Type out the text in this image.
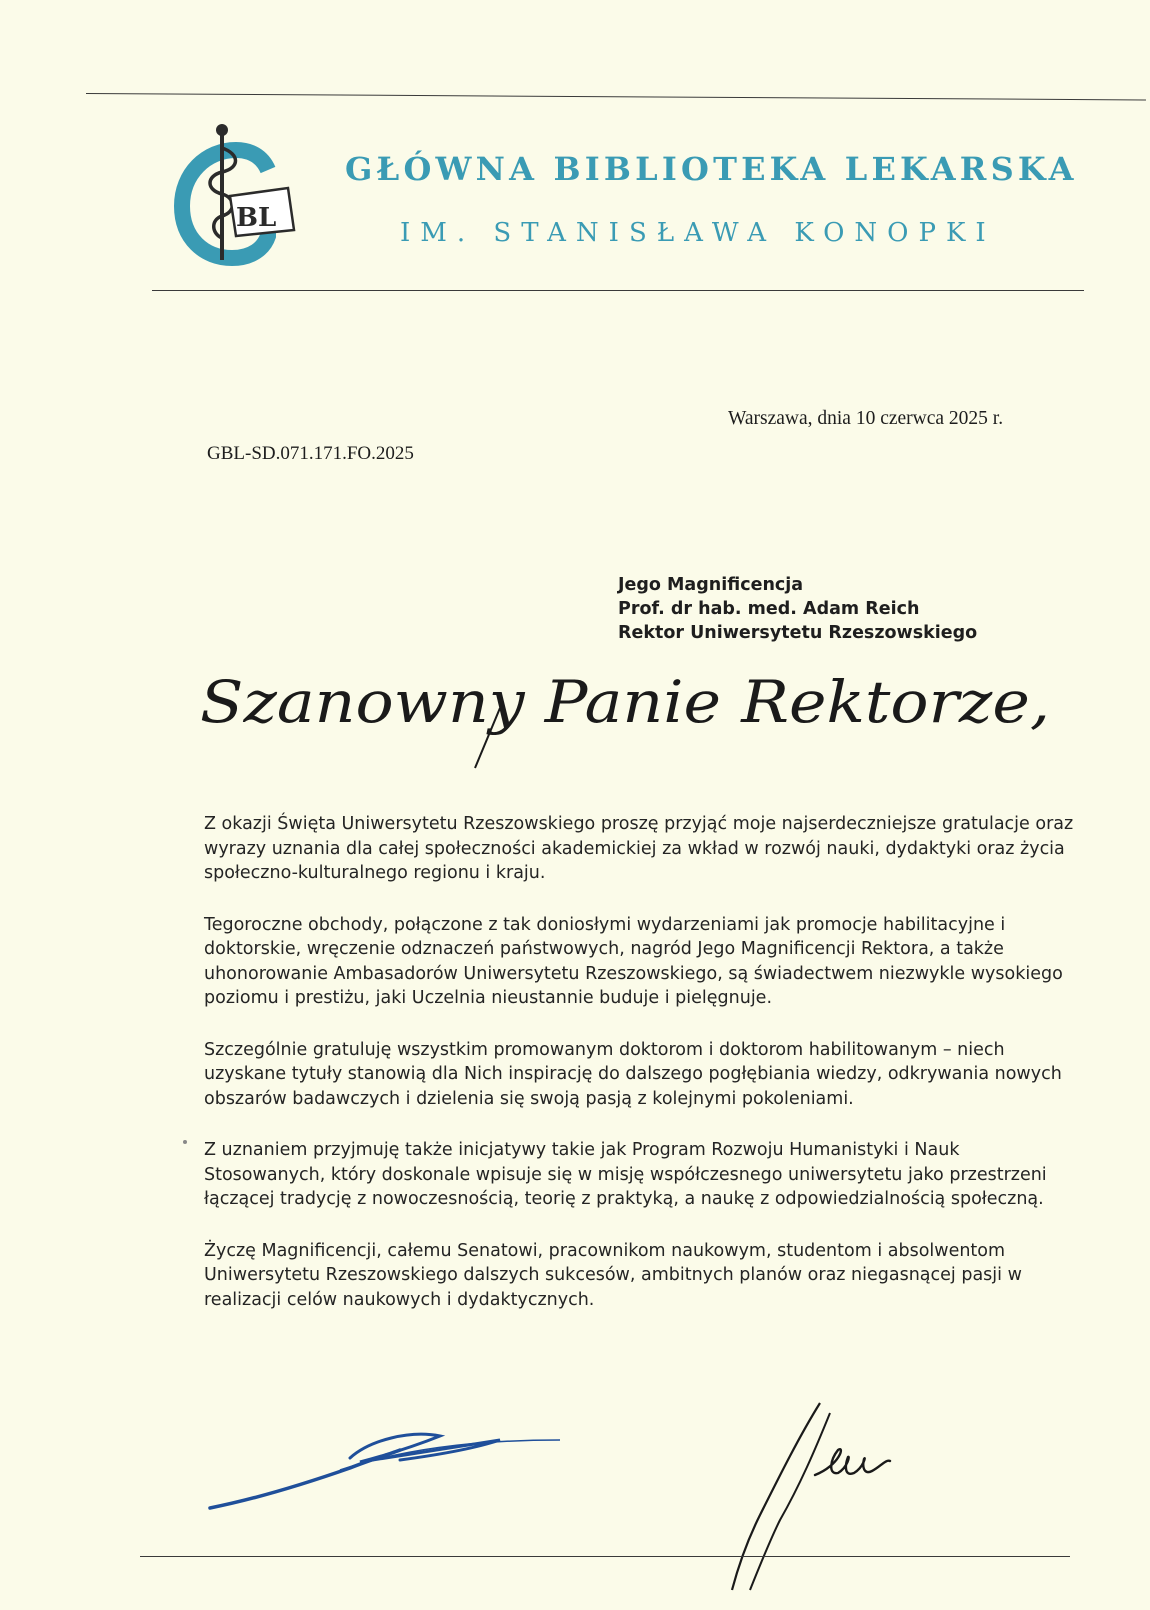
BL
GŁÓWNA BIBLIOTEKA LEKARSKA
IM. STANISŁAWA KONOPKI
Warszawa, dnia 10 czerwca 2025 r.
GBL-SD.071.171.FO.2025
Jego Magnificencja
Prof. dr hab. med. Adam Reich
Rektor Uniwersytetu Rzeszowskiego
Szanowny Panie Rektorze,

Z okazji Święta Uniwersytetu Rzeszowskiego proszę przyjąć moje najserdeczniejsze gratulacje oraz wyrazy uznania dla całej społeczności akademickiej za wkład w rozwój nauki, dydaktyki oraz życia społeczno-kulturalnego regionu i kraju.

Tegoroczne obchody, połączone z tak doniosłymi wydarzeniami jak promocje habilitacyjne i doktorskie, wręczenie odznaczeń państwowych, nagród Jego Magnificencji Rektora, a także uhonorowanie Ambasadorów Uniwersytetu Rzeszowskiego, są świadectwem niezwykle wysokiego poziomu i prestiżu, jaki Uczelnia nieustannie buduje i pielęgnuje.

Szczególnie gratuluję wszystkim promowanym doktorom i doktorom habilitowanym – niech uzyskane tytuły stanowią dla Nich inspirację do dalszego pogłębiania wiedzy, odkrywania nowych obszarów badawczych i dzielenia się swoją pasją z kolejnymi pokoleniami.

Z uznaniem przyjmuję także inicjatywy takie jak Program Rozwoju Humanistyki i Nauk Stosowanych, który doskonale wpisuje się w misję współczesnego uniwersytetu jako przestrzeni łączącej tradycję z nowoczesnością, teorię z praktyką, a naukę z odpowiedzialnością społeczną.

Życzę Magnificencji, całemu Senatowi, pracownikom naukowym, studentom i absolwentom Uniwersytetu Rzeszowskiego dalszych sukcesów, ambitnych planów oraz niegasnącej pasji w realizacji celów naukowych i dydaktycznych.
